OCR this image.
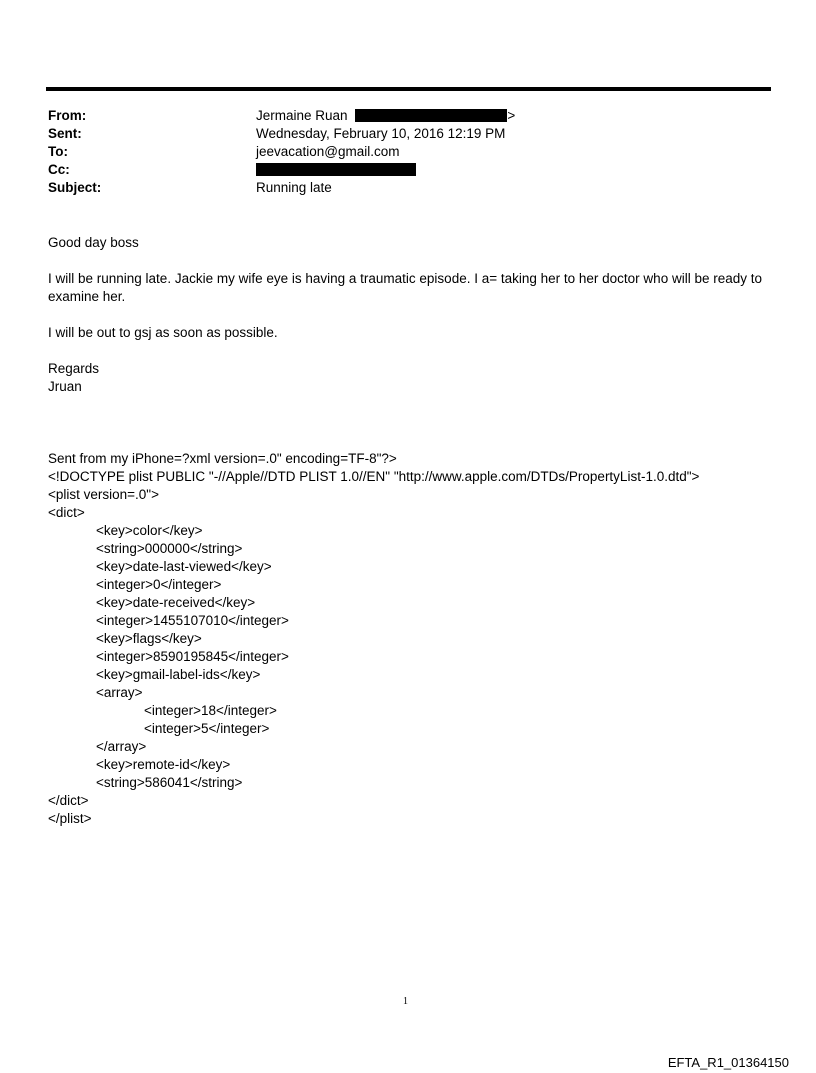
From:	Jermaine Ruan	>
Sent:	Wednesday, February 10, 2016 12:19 PM
To:	jeevacation@gmail.com
Cc:
Subject:	Running late
Good day boss
I will be running late. Jackie my wife eye is having a traumatic episode. I a= taking her to her doctor who will be ready to examine her.
I will be out to gsj as soon as possible.
Regards
Jruan
Sent from my iPhone=?xml version=.0" encoding=TF-8"?>
<!DOCTYPE plist PUBLIC "-//Apple//DTD PLIST 1.0//EN" "http://www.apple.com/DTDs/PropertyList-1.0.dtd">
<plist version=.0">
<dict>
<key>color</key>
<string>000000</string>
<key>date-last-viewed</key>
<integer>0</integer>
<key>date-received</key>
<integer>1455107010</integer>
<key>flags</key>
<integer>8590195845</integer>
<key>gmail-label-ids</key>
<array>
<integer>18</integer>
<integer>5</integer>
</array>
<key>remote-id</key>
<string>586041</string>
</dict>
</plist>
1
EFTA_R1_01364150
